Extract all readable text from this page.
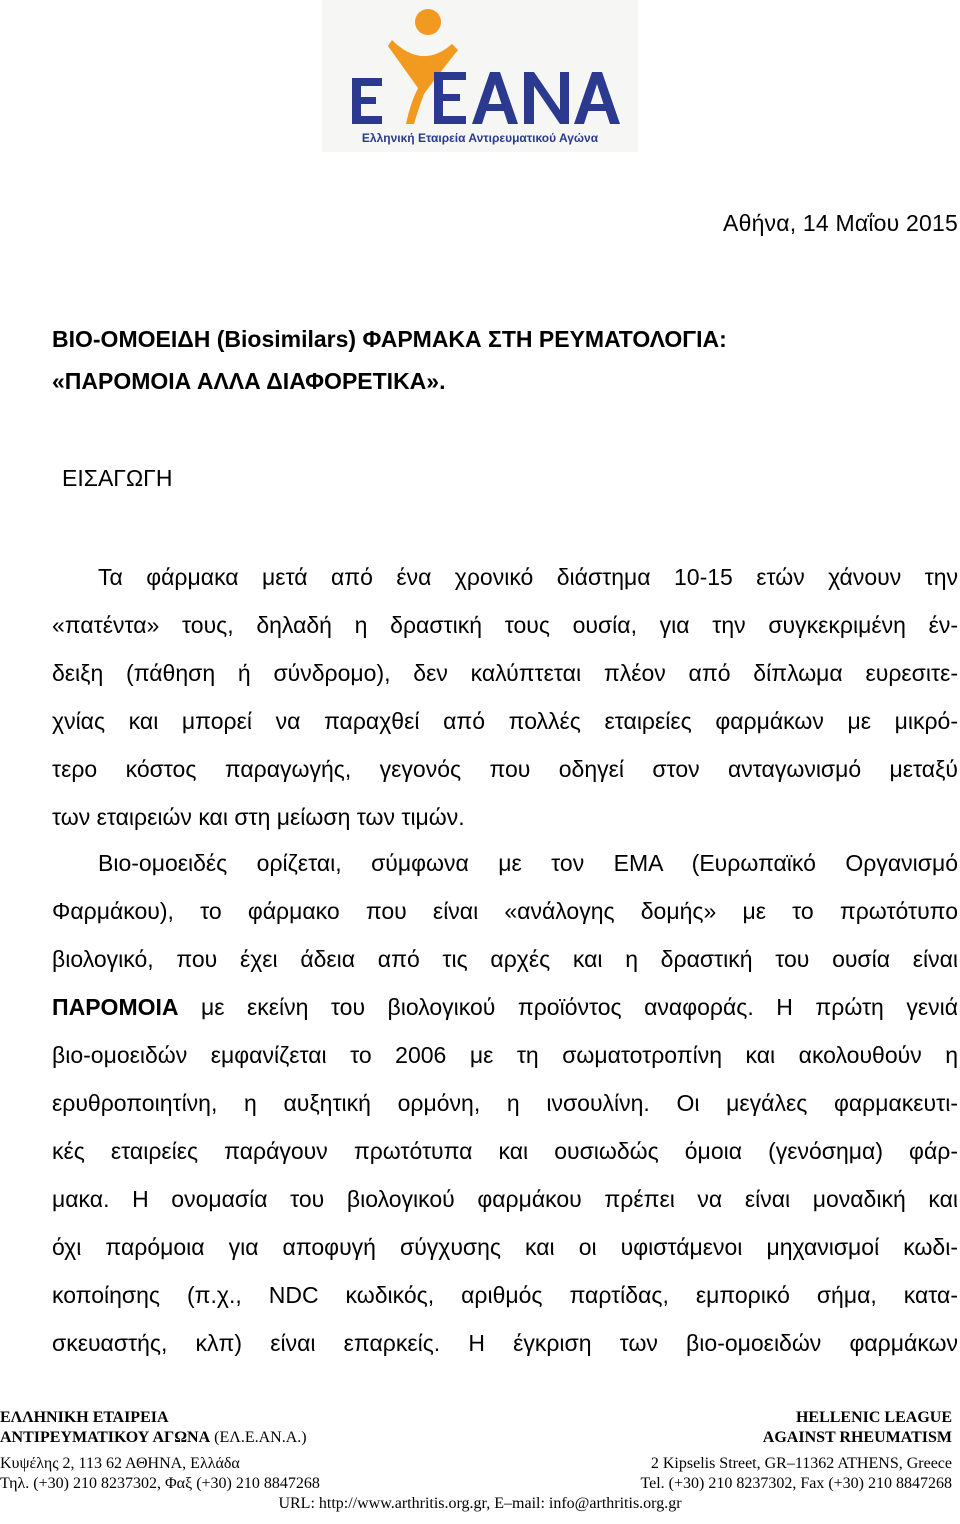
Ελληνική Εταιρεία Αντιρευματικού Αγώνα
Αθήνα, 14 Μαΐου 2015
ΒΙΟ-ΟΜΟΕΙΔΗ (Biosimilars) ΦΑΡΜΑΚΑ ΣΤΗ ΡΕΥΜΑΤΟΛΟΓΙΑ:
«ΠΑΡΟΜΟΙΑ ΑΛΛΑ ΔΙΑΦΟΡΕΤΙΚΑ».
ΕΙΣΑΓΩΓΗ
Τα φάρμακα μετά από ένα χρονικό διάστημα 10-15 ετών χάνουν την
«πατέντα» τους, δηλαδή η δραστική τους ουσία, για την συγκεκριμένη έν-
δειξη (πάθηση ή σύνδρομο), δεν καλύπτεται πλέον από δίπλωμα ευρεσιτε-
χνίας και μπορεί να παραχθεί από πολλές εταιρείες φαρμάκων με μικρό-
τερο κόστος παραγωγής, γεγονός που οδηγεί στον ανταγωνισμό μεταξύ
των εταιρειών και στη μείωση των τιμών.
Βιο-ομοειδές ορίζεται, σύμφωνα με τον ΕΜΑ (Ευρωπαϊκό Οργανισμό
Φαρμάκου), το φάρμακο που είναι «ανάλογης δομής» με το πρωτότυπο
βιολογικό, που έχει άδεια από τις αρχές και η δραστική του ουσία είναι
ΠΑΡΟΜΟΙΑ με εκείνη του βιολογικού προϊόντος αναφοράς. Η πρώτη γενιά
βιο-ομοειδών εμφανίζεται το 2006 με τη σωματοτροπίνη και ακολουθούν η
ερυθροποιητίνη, η αυξητική ορμόνη, η ινσουλίνη. Οι μεγάλες φαρμακευτι-
κές εταιρείες παράγουν πρωτότυπα και ουσιωδώς όμοια (γενόσημα) φάρ-
μακα. Η ονομασία του βιολογικού φαρμάκου πρέπει να είναι μοναδική και
όχι παρόμοια για αποφυγή σύγχυσης και οι υφιστάμενοι μηχανισμοί κωδι-
κοποίησης (π.χ., NDC κωδικός, αριθμός παρτίδας, εμπορικό σήμα, κατα-
σκευαστής, κλπ) είναι επαρκείς. Η έγκριση των βιο-ομοειδών φαρμάκων
ΕΛΛΗΝΙΚΗ ΕΤΑΙΡΕΙΑ
ΑΝΤΙΡΕΥΜΑΤΙΚΟΥ ΑΓΩΝΑ (ΕΛ.Ε.ΑΝ.Α.)
Κυψέλης 2, 113 62 ΑΘΗΝΑ, Ελλάδα
Τηλ. (+30) 210 8237302, Φαξ (+30) 210 8847268
HELLENIC LEAGUE
AGAINST RHEUMATISM
2 Kipselis Street, GR–11362 ATHENS, Greece
Tel. (+30) 210 8237302, Fax (+30) 210 8847268
URL: http://www.arthritis.org.gr, E–mail: info@arthritis.org.gr
